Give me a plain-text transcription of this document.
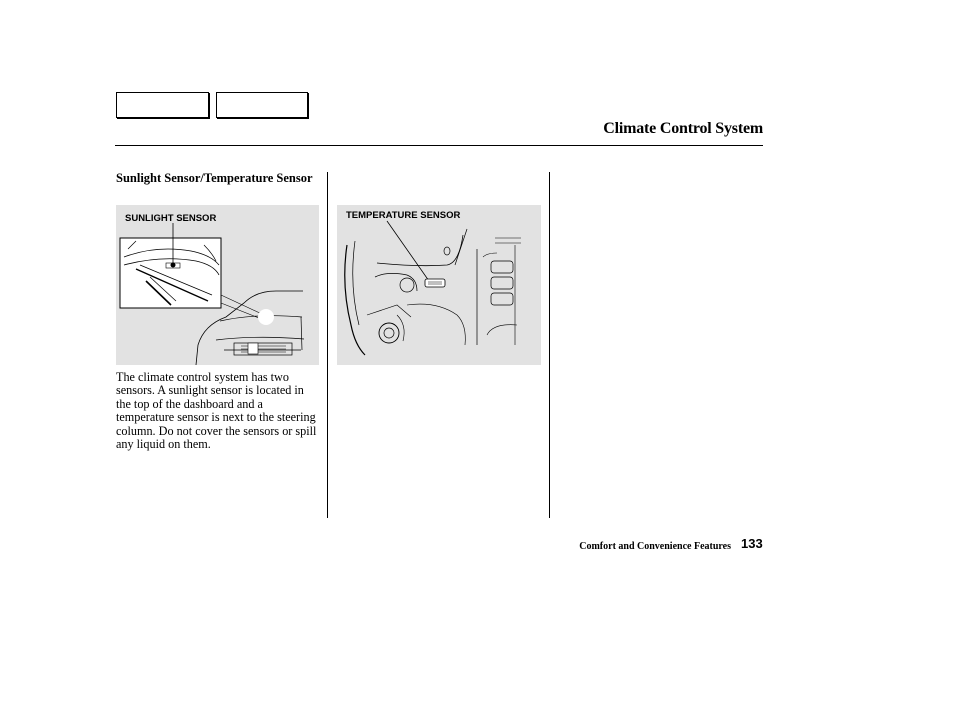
Climate Control System
Sunlight Sensor/Temperature Sensor
SUNLIGHT SENSOR	TEMPERATURE SENSOR
The climate control system has two sensors. A sunlight sensor is located in the top of the dashboard and a temperature sensor is next to the steering column. Do not cover the sensors or spill any liquid on them.
Comfort and Convenience Features 133
